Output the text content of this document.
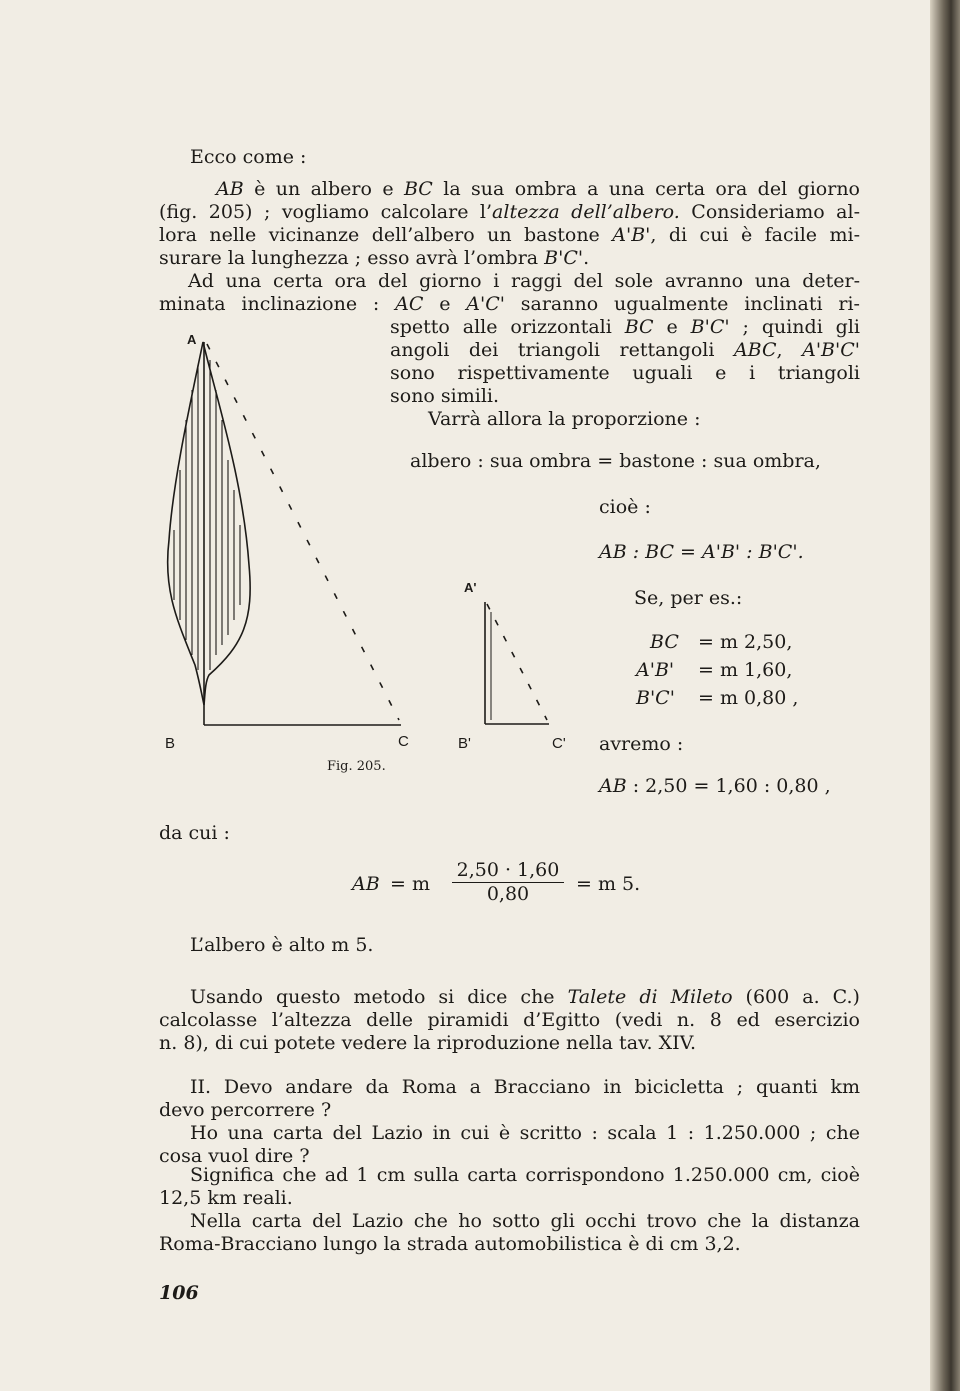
Ecco come :

AB è un albero e BC la sua ombra a una certa ora del giorno

(fig. 205) ; vogliamo calcolare l’altezza dell’albero. Consideriamo al-

lora nelle vicinanze dell’albero un bastone A'B', di cui è facile mi-

surare la lunghezza ; esso avrà l’ombra B'C'.

Ad una certa ora del giorno i raggi del sole avranno una deter-

minata inclinazione : AC e A'C' saranno ugualmente inclinati ri-

spetto alle orizzontali BC e B'C' ; quindi gli

angoli dei triangoli rettangoli ABC, A'B'C'

sono rispettivamente uguali e i triangoli

sono simili.

Varrà allora la proporzione :

albero : sua ombra = bastone : sua ombra,

cioè :

AB : BC = A'B' : B'C'.

Se, per es.:

BC = m 2,50,

A'B' = m 1,60,

B'C' = m 0,80 ,

avremo :

AB : 2,50 = 1,60 : 0,80 ,

A
B	C
A'
B'	C'
Fig. 205.

da cui :

AB = m $\frac{2,50 \cdot 1,60}{0,80} = m$ 5.

L’albero è alto m 5.

Usando questo metodo si dice che Talete di Mileto (600 a. C.)

calcolasse l’altezza delle piramidi d’Egitto (vedi n. 8 ed esercizio

n. 8), di cui potete vedere la riproduzione nella tav. XIV.

II. Devo andare da Roma a Bracciano in bicicletta ; quanti km

devo percorrere ?

Ho una carta del Lazio in cui è scritto : scala 1 : 1.250.000 ; che

cosa vuol dire ?

Significa che ad 1 cm sulla carta corrispondono 1.250.000 cm, cioè

12,5 km reali.

Nella carta del Lazio che ho sotto gli occhi trovo che la distanza

Roma-Bracciano lungo la strada automobilistica è di cm 3,2.

106
